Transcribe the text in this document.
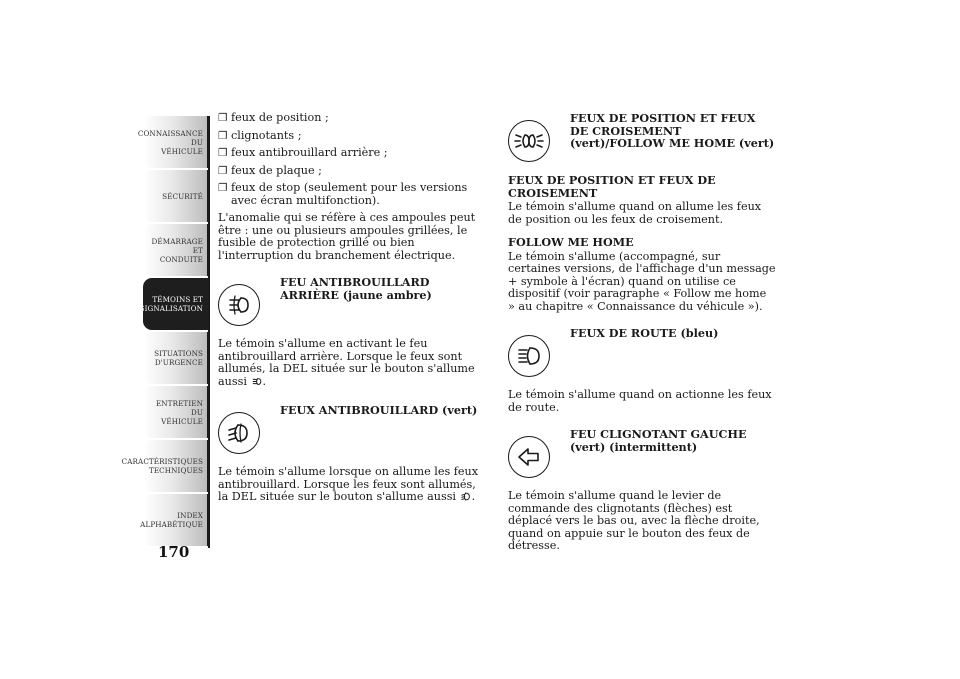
CONNAISSANCE DU
VÉHICULE
SÉCURITÉ
DÉMARRAGE ET
CONDUITE
TÉMOINS ET
SIGNALISATION
SITUATIONS
D'URGENCE
ENTRETIEN DU
VÉHICULE
CARACTÉRISTIQUES
TECHNIQUES
INDEX
ALPHABÉTIQUE
170
❐ feux de position ;
❐ clignotants ;
❐ feux antibrouillard arrière ;
❐ feux de plaque ;
❐ feux de stop (seulement pour les versions avec écran multifonction).

L'anomalie qui se réfère à ces ampoules peut être : une ou plusieurs ampoules grillées, le fusible de protection grillé ou bien l'interruption du branchement électrique.

FEU ANTIBROUILLARD ARRIÈRE (jaune ambre)

Le témoin s'allume en activant le feu antibrouillard arrière. Lorsque le feux sont allumés, la DEL située sur le bouton s'allume aussi .

FEUX ANTIBROUILLARD (vert)

Le témoin s'allume lorsque on allume les feux antibrouillard. Lorsque les feux sont allumés, la DEL située sur le bouton s'allume aussi .

FEUX DE POSITION ET FEUX DE CROISEMENT (vert)/FOLLOW ME HOME (vert)
FEUX DE POSITION ET FEUX DE CROISEMENT

Le témoin s'allume quand on allume les feux de position ou les feux de croisement.

FOLLOW ME HOME

Le témoin s'allume (accompagné, sur certaines versions, de l'affichage d'un message + symbole à l'écran) quand on utilise ce dispositif (voir paragraphe « Follow me home » au chapitre « Connaissance du véhicule »).

FEUX DE ROUTE (bleu)

Le témoin s'allume quand on actionne les feux de route.

FEU CLIGNOTANT GAUCHE (vert) (intermittent)

Le témoin s'allume quand le levier de commande des clignotants (flèches) est déplacé vers le bas ou, avec la flèche droite, quand on appuie sur le bouton des feux de détresse.
